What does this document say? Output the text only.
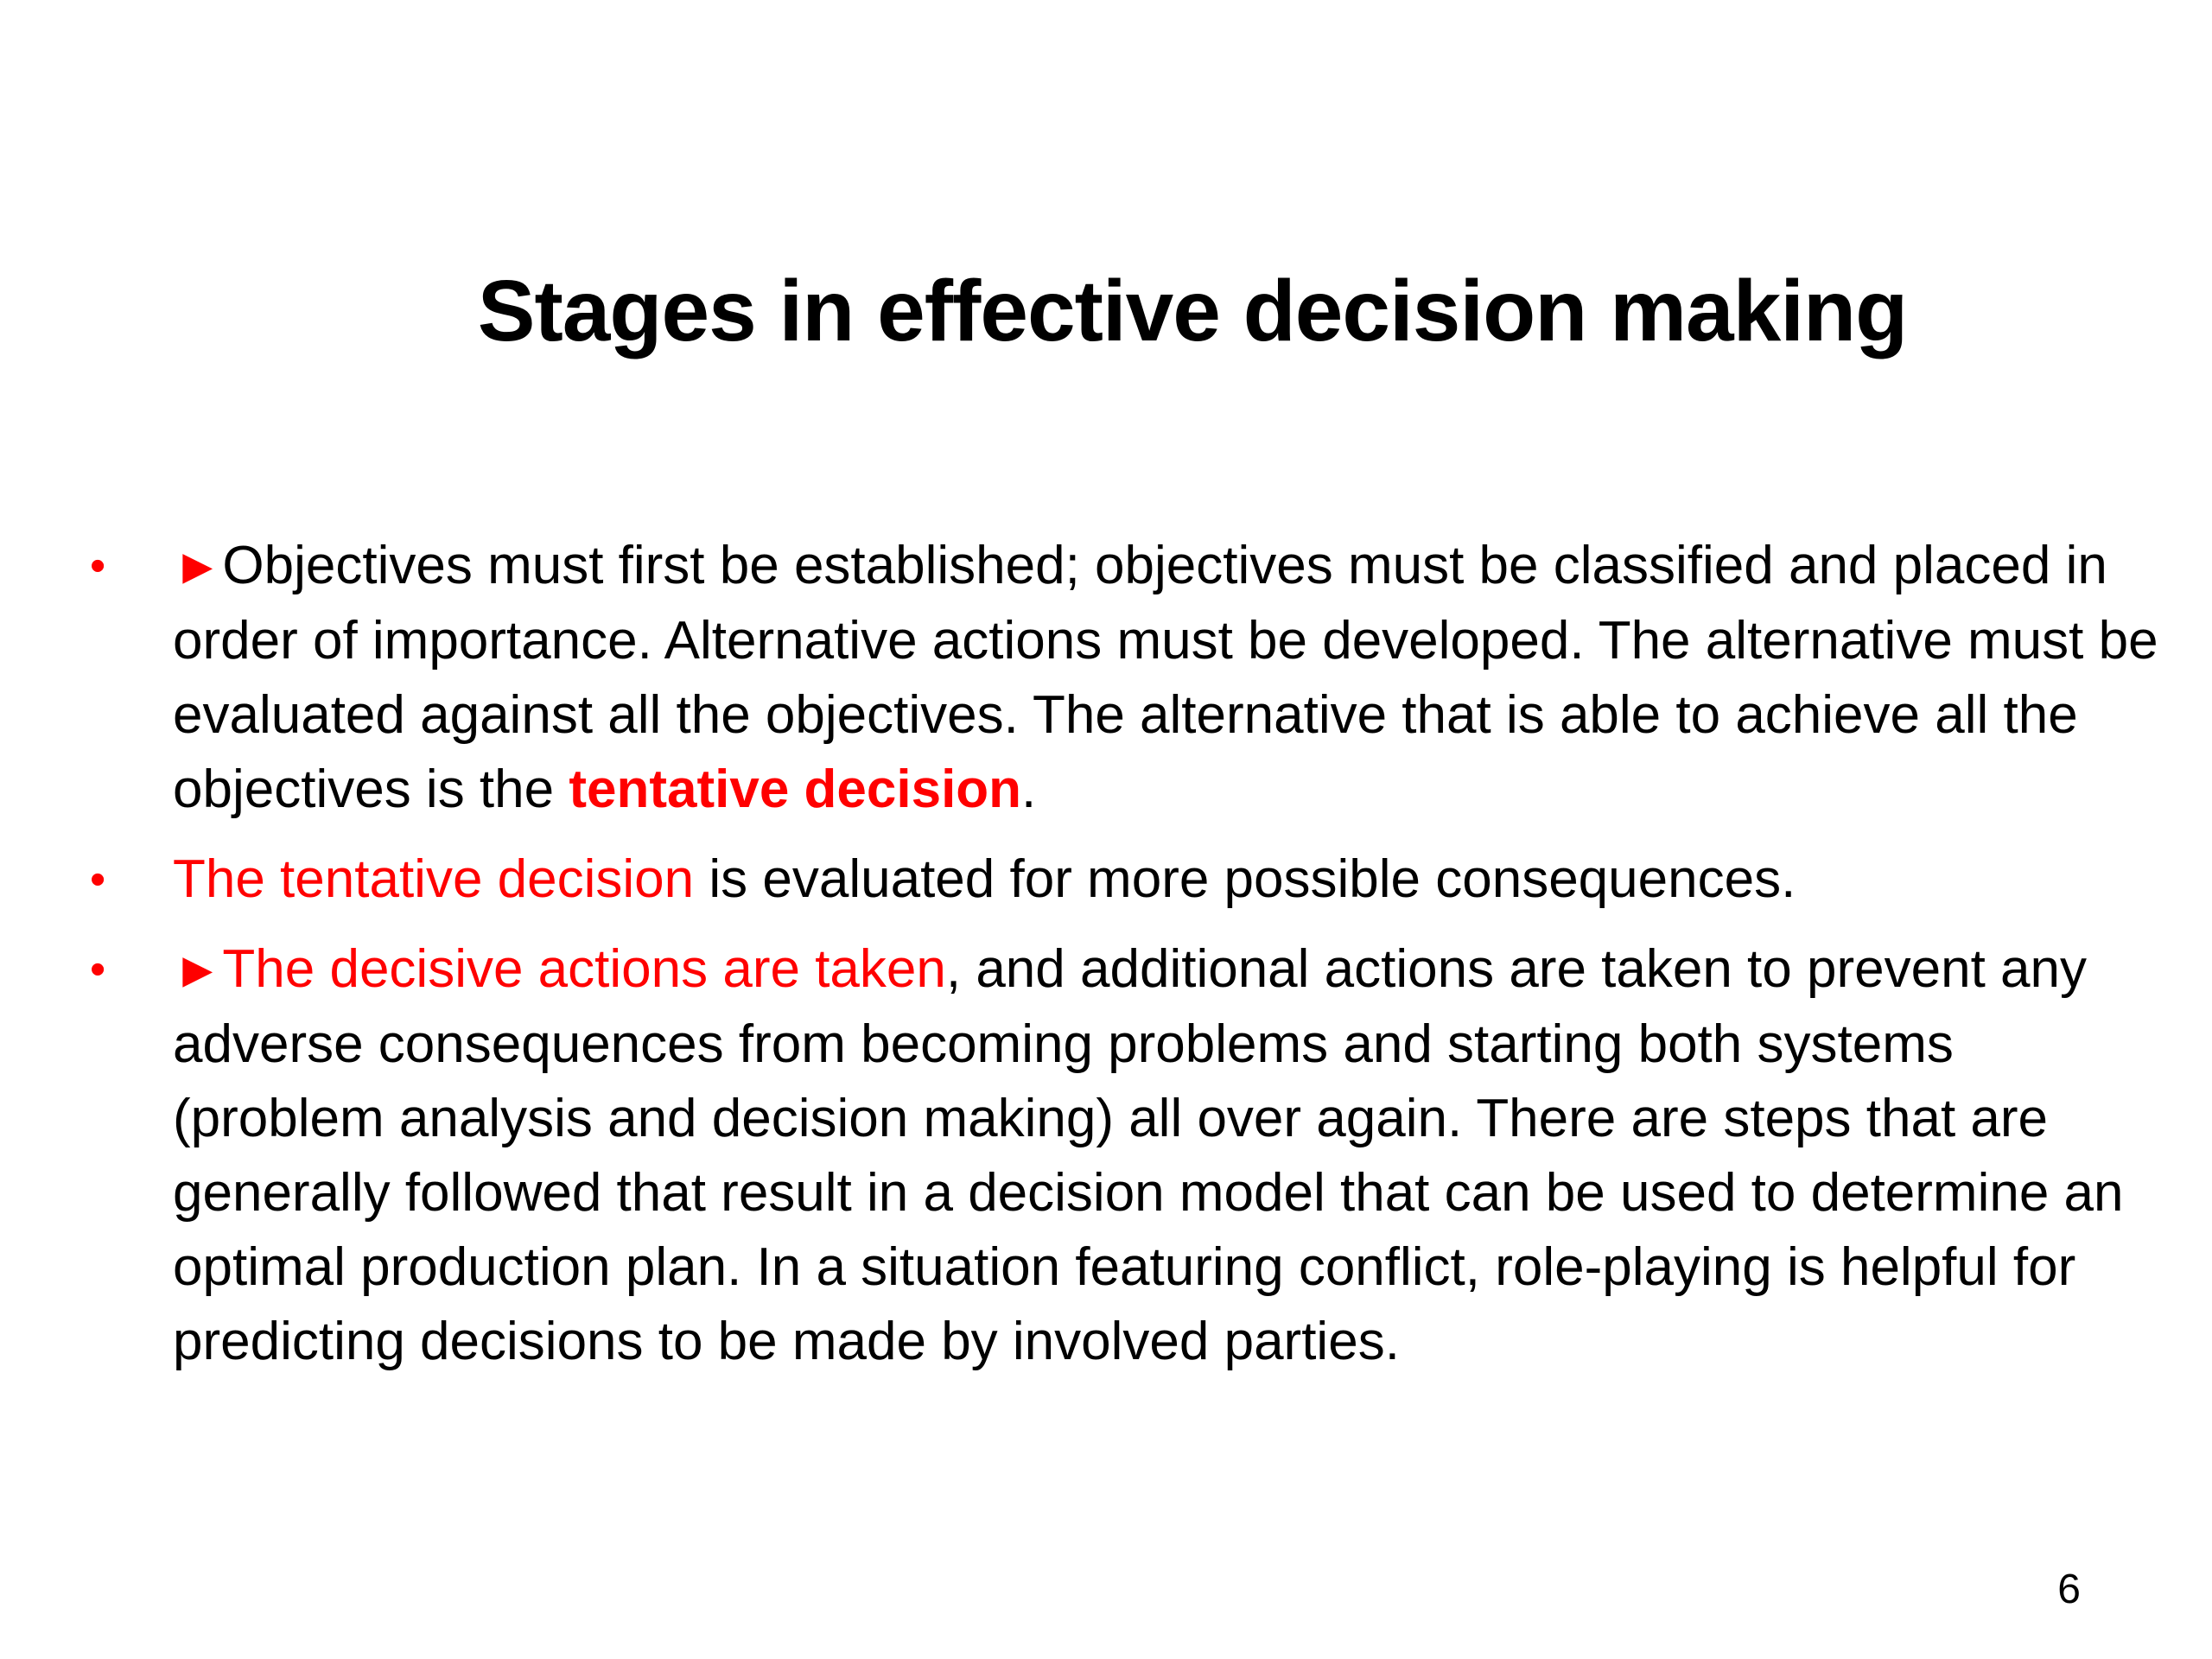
Stages in effective decision making
•	►Objectives must first be established; objectives must be classified and placed in order of importance. Alternative actions must be developed. The alternative must be evaluated against all the objectives. The alternative that is able to achieve all the objectives is the tentative decision.
•	The tentative decision is evaluated for more possible consequences.
•	►The decisive actions are taken, and additional actions are taken to prevent any adverse consequences from becoming problems and starting both systems (problem analysis and decision making) all over again. There are steps that are generally followed that result in a decision model that can be used to determine an optimal production plan. In a situation featuring conflict, role-playing is helpful for predicting decisions to be made by involved parties.
6
